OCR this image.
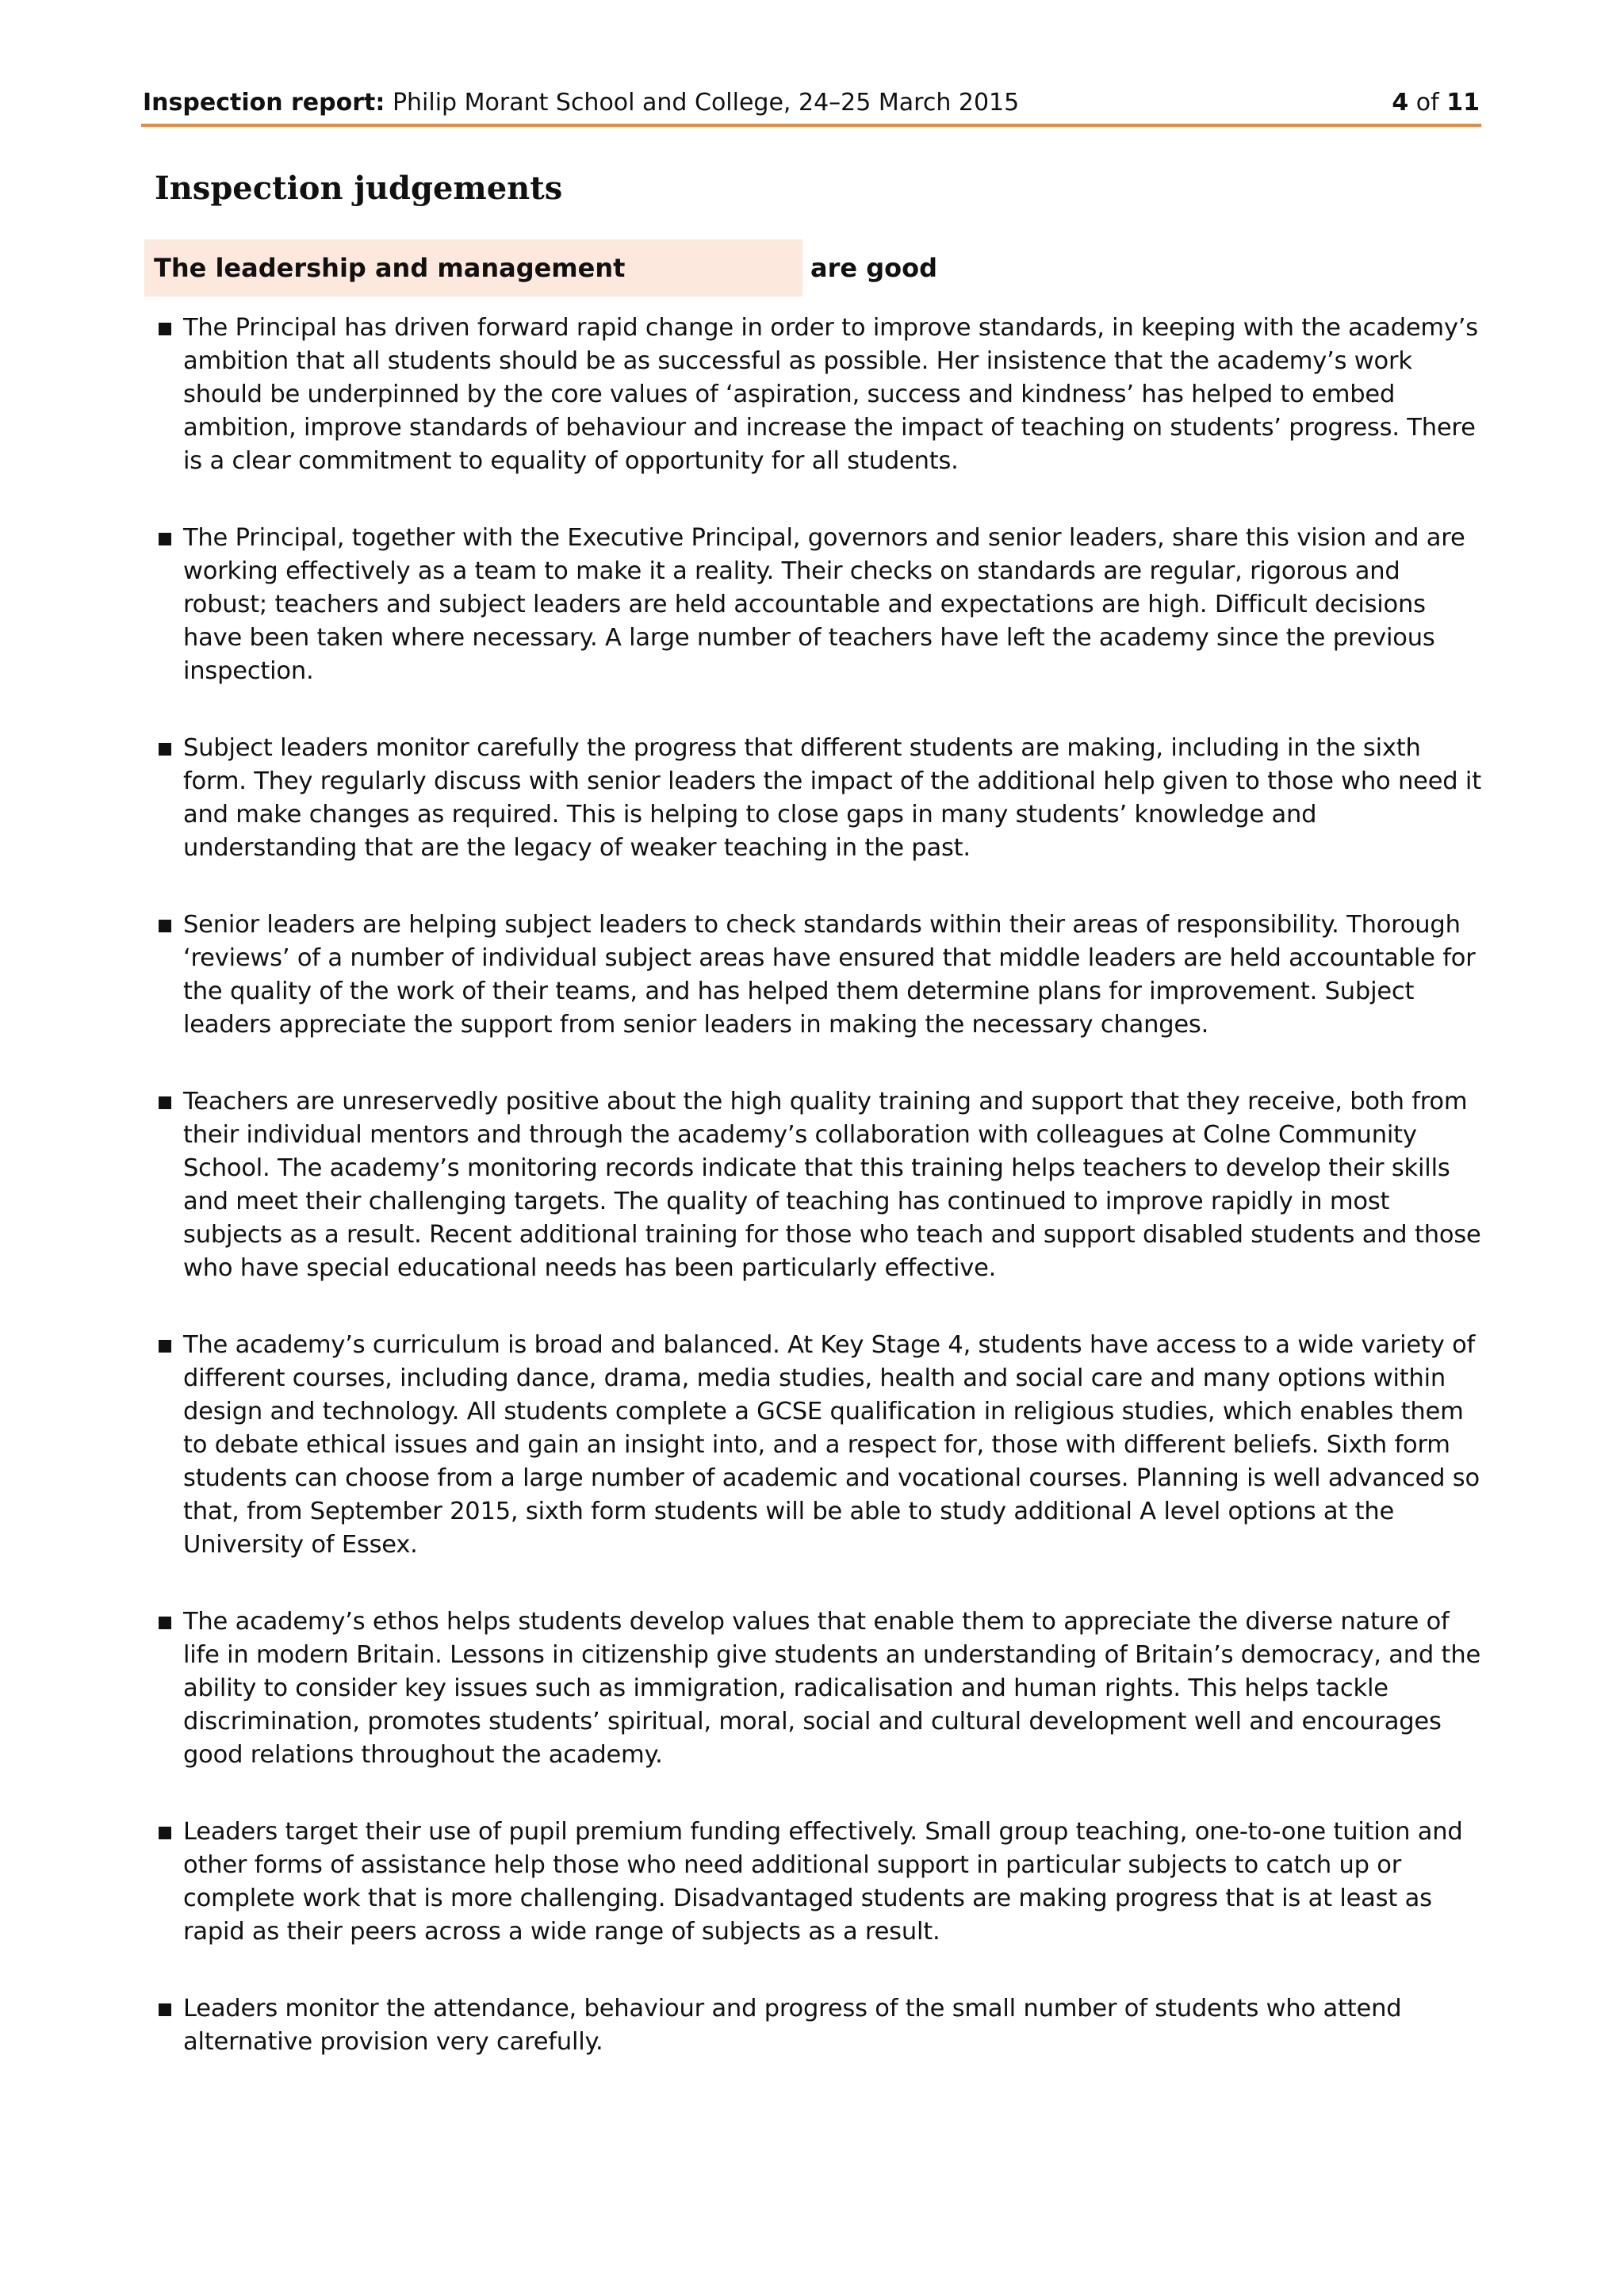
Inspection report: Philip Morant School and College, 24–25 March 2015	4 of 11
Inspection judgements
The leadership and management	are good
The Principal has driven forward rapid change in order to improve standards, in keeping with the academy’s ambition that all students should be as successful as possible. Her insistence that the academy’s work should be underpinned by the core values of ‘aspiration, success and kindness’ has helped to embed ambition, improve standards of behaviour and increase the impact of teaching on students’ progress. There is a clear commitment to equality of opportunity for all students.
The Principal, together with the Executive Principal, governors and senior leaders, share this vision and are working effectively as a team to make it a reality. Their checks on standards are regular, rigorous and robust; teachers and subject leaders are held accountable and expectations are high. Difficult decisions have been taken where necessary. A large number of teachers have left the academy since the previous inspection.
Subject leaders monitor carefully the progress that different students are making, including in the sixth form. They regularly discuss with senior leaders the impact of the additional help given to those who need it and make changes as required. This is helping to close gaps in many students’ knowledge and understanding that are the legacy of weaker teaching in the past.
Senior leaders are helping subject leaders to check standards within their areas of responsibility. Thorough ‘reviews’ of a number of individual subject areas have ensured that middle leaders are held accountable for the quality of the work of their teams, and has helped them determine plans for improvement. Subject leaders appreciate the support from senior leaders in making the necessary changes.
Teachers are unreservedly positive about the high quality training and support that they receive, both from their individual mentors and through the academy’s collaboration with colleagues at Colne Community School. The academy’s monitoring records indicate that this training helps teachers to develop their skills and meet their challenging targets. The quality of teaching has continued to improve rapidly in most subjects as a result. Recent additional training for those who teach and support disabled students and those who have special educational needs has been particularly effective.
The academy’s curriculum is broad and balanced. At Key Stage 4, students have access to a wide variety of different courses, including dance, drama, media studies, health and social care and many options within design and technology. All students complete a GCSE qualification in religious studies, which enables them to debate ethical issues and gain an insight into, and a respect for, those with different beliefs. Sixth form students can choose from a large number of academic and vocational courses. Planning is well advanced so that, from September 2015, sixth form students will be able to study additional A level options at the University of Essex.
The academy’s ethos helps students develop values that enable them to appreciate the diverse nature of life in modern Britain. Lessons in citizenship give students an understanding of Britain’s democracy, and the ability to consider key issues such as immigration, radicalisation and human rights. This helps tackle discrimination, promotes students’ spiritual, moral, social and cultural development well and encourages good relations throughout the academy.
Leaders target their use of pupil premium funding effectively. Small group teaching, one-to-one tuition and other forms of assistance help those who need additional support in particular subjects to catch up or complete work that is more challenging. Disadvantaged students are making progress that is at least as rapid as their peers across a wide range of subjects as a result.
Leaders monitor the attendance, behaviour and progress of the small number of students who attend alternative provision very carefully.
